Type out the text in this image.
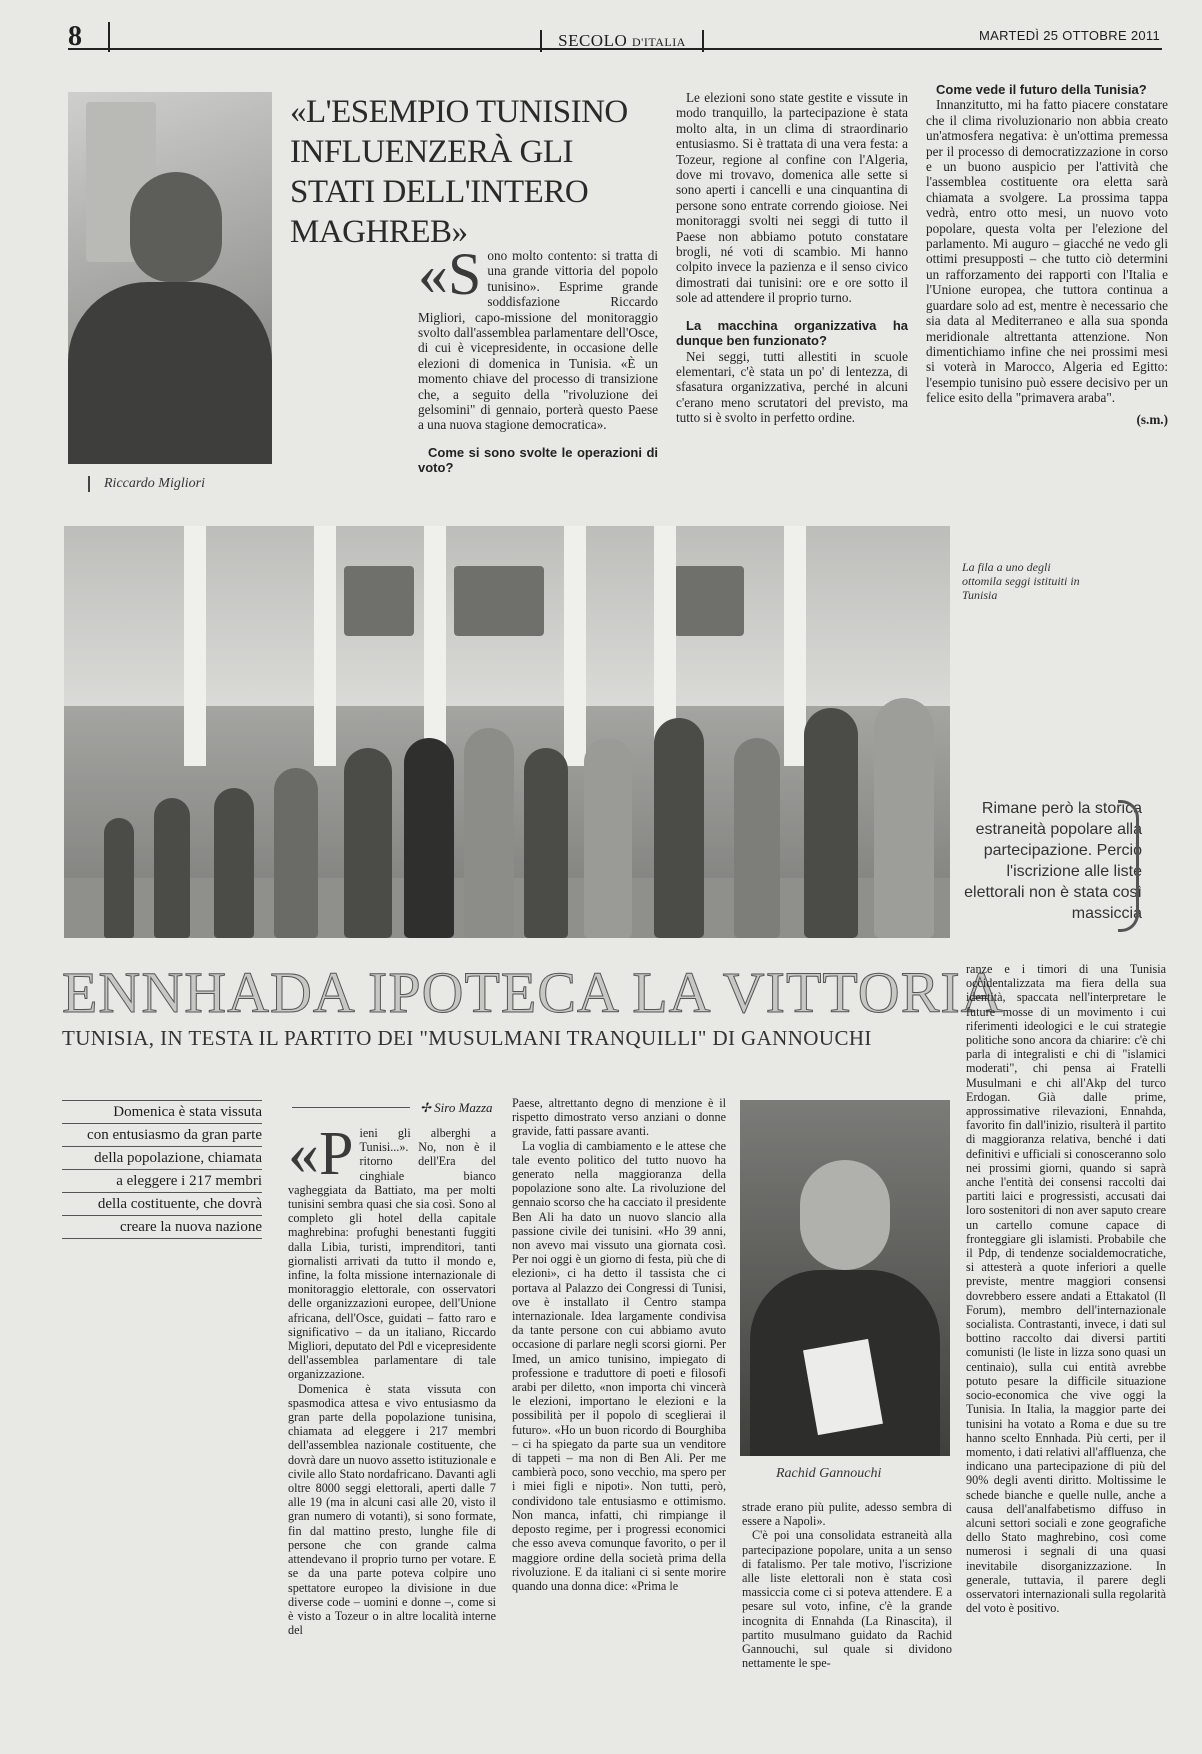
8	SECOLO D'ITALIA	MARTEDÌ 25 OTTOBRE 2011
Riccardo Migliori
«L'ESEMPIO TUNISINO INFLUENZERÀ GLI STATI DELL'INTERO MAGHREB»
«S ono molto contento: si tratta di una grande vittoria del popolo tunisino». Esprime grande soddisfazione Riccardo Migliori, capo-missione del monitoraggio svolto dall'assemblea parlamentare dell'Osce, di cui è vicepresidente, in occasione delle elezioni di domenica in Tunisia. «È un momento chiave del processo di transizione che, a seguito della "rivoluzione dei gelsomini" di gennaio, porterà questo Paese a una nuova stagione democratica».

Come si sono svolte le operazioni di voto?

Le elezioni sono state gestite e vissute in modo tranquillo, la partecipazione è stata molto alta, in un clima di straordinario entusiasmo. Si è trattata di una vera festa: a Tozeur, regione al confine con l'Algeria, dove mi trovavo, domenica alle sette si sono aperti i cancelli e una cinquantina di persone sono entrate correndo gioiose. Nei monitoraggi svolti nei seggi di tutto il Paese non abbiamo potuto constatare brogli, né voti di scambio. Mi hanno colpito invece la pazienza e il senso civico dimostrati dai tunisini: ore e ore sotto il sole ad attendere il proprio turno.

La macchina organizzativa ha dunque ben funzionato?

Nei seggi, tutti allestiti in scuole elementari, c'è stata un po' di lentezza, di sfasatura organizzativa, perché in alcuni c'erano meno scrutatori del previsto, ma tutto si è svolto in perfetto ordine.

Come vede il futuro della Tunisia?

Innanzitutto, mi ha fatto piacere constatare che il clima rivoluzionario non abbia creato un'atmosfera negativa: è un'ottima premessa per il processo di democratizzazione in corso e un buono auspicio per l'attività che l'assemblea costituente ora eletta sarà chiamata a svolgere. La prossima tappa vedrà, entro otto mesi, un nuovo voto popolare, questa volta per l'elezione del parlamento. Mi auguro – giacché ne vedo gli ottimi presupposti – che tutto ciò determini un rafforzamento dei rapporti con l'Italia e l'Unione europea, che tuttora continua a guardare solo ad est, mentre è necessario che sia data al Mediterraneo e alla sua sponda meridionale altrettanta attenzione. Non dimentichiamo infine che nei prossimi mesi si voterà in Marocco, Algeria ed Egitto: l'esempio tunisino può essere decisivo per un felice esito della "primavera araba".

(s.m.)

La fila a uno degli ottomila seggi istituiti in Tunisia
Rimane però la storica estraneità popolare alla partecipazione. Perciò l'iscrizione alle liste elettorali non è stata così massiccia
ENNHADA IPOTECA LA VITTORIA
TUNISIA, IN TESTA IL PARTITO DEI "MUSULMANI TRANQUILLI" DI GANNOUCHI
Domenica è stata vissuta
con entusiasmo da gran parte
della popolazione, chiamata
a eleggere i 217 membri
della costituente, che dovrà
creare la nuova nazione
✢ Siro Mazza
«P ieni gli alberghi a Tunisi...». No, non è il ritorno dell'Era del cinghiale bianco vagheggiata da Battiato, ma per molti tunisini sembra quasi che sia così. Sono al completo gli hotel della capitale maghrebina: profughi benestanti fuggiti dalla Libia, turisti, imprenditori, tanti giornalisti arrivati da tutto il mondo e, infine, la folta missione internazionale di monitoraggio elettorale, con osservatori delle organizzazioni europee, dell'Unione africana, dell'Osce, guidati – fatto raro e significativo – da un italiano, Riccardo Migliori, deputato del Pdl e vicepresidente dell'assemblea parlamentare di tale organizzazione.

Domenica è stata vissuta con spasmodica attesa e vivo entusiasmo da gran parte della popolazione tunisina, chiamata ad eleggere i 217 membri dell'assemblea nazionale costituente, che dovrà dare un nuovo assetto istituzionale e civile allo Stato nordafricano. Davanti agli oltre 8000 seggi elettorali, aperti dalle 7 alle 19 (ma in alcuni casi alle 20, visto il gran numero di votanti), si sono formate, fin dal mattino presto, lunghe file di persone che con grande calma attendevano il proprio turno per votare. E se da una parte poteva colpire uno spettatore europeo la divisione in due diverse code – uomini e donne –, come si è visto a Tozeur o in altre località interne del

Paese, altrettanto degno di menzione è il rispetto dimostrato verso anziani o donne gravide, fatti passare avanti.

La voglia di cambiamento e le attese che tale evento politico del tutto nuovo ha generato nella maggioranza della popolazione sono alte. La rivoluzione del gennaio scorso che ha cacciato il presidente Ben Ali ha dato un nuovo slancio alla passione civile dei tunisini. «Ho 39 anni, non avevo mai vissuto una giornata così. Per noi oggi è un giorno di festa, più che di elezioni», ci ha detto il tassista che ci portava al Palazzo dei Congressi di Tunisi, ove è installato il Centro stampa internazionale. Idea largamente condivisa da tante persone con cui abbiamo avuto occasione di parlare negli scorsi giorni. Per Imed, un amico tunisino, impiegato di professione e traduttore di poeti e filosofi arabi per diletto, «non importa chi vincerà le elezioni, importano le elezioni e la possibilità per il popolo di sceglierai il futuro». «Ho un buon ricordo di Bourghiba – ci ha spiegato da parte sua un venditore di tappeti – ma non di Ben Ali. Per me cambierà poco, sono vecchio, ma spero per i miei figli e nipoti». Non tutti, però, condividono tale entusiasmo e ottimismo. Non manca, infatti, chi rimpiange il deposto regime, per i progressi economici che esso aveva comunque favorito, o per il maggiore ordine della società prima della rivoluzione. E da italiani ci si sente morire quando una donna dice: «Prima le

Rachid Gannouchi

strade erano più pulite, adesso sembra di essere a Napoli».

C'è poi una consolidata estraneità alla partecipazione popolare, unita a un senso di fatalismo. Per tale motivo, l'iscrizione alle liste elettorali non è stata così massiccia come ci si poteva attendere. E a pesare sul voto, infine, c'è la grande incognita di Ennahda (La Rinascita), il partito musulmano guidato da Rachid Gannouchi, sul quale si dividono nettamente le spe-

ranze e i timori di una Tunisia occidentalizzata ma fiera della sua identità, spaccata nell'interpretare le future mosse di un movimento i cui riferimenti ideologici e le cui strategie politiche sono ancora da chiarire: c'è chi parla di integralisti e chi di "islamici moderati", chi pensa ai Fratelli Musulmani e chi all'Akp del turco Erdogan. Già dalle prime, approssimative rilevazioni, Ennahda, favorito fin dall'inizio, risulterà il partito di maggioranza relativa, benché i dati definitivi e ufficiali si conosceranno solo nei prossimi giorni, quando si saprà anche l'entità dei consensi raccolti dai partiti laici e progressisti, accusati dai loro sostenitori di non aver saputo creare un cartello comune capace di fronteggiare gli islamisti. Probabile che il Pdp, di tendenze socialdemocratiche, si attesterà a quote inferiori a quelle previste, mentre maggiori consensi dovrebbero essere andati a Ettakatol (Il Forum), membro dell'internazionale socialista. Contrastanti, invece, i dati sul bottino raccolto dai diversi partiti comunisti (le liste in lizza sono quasi un centinaio), sulla cui entità avrebbe potuto pesare la difficile situazione socio-economica che vive oggi la Tunisia. In Italia, la maggior parte dei tunisini ha votato a Roma e due su tre hanno scelto Ennhada. Più certi, per il momento, i dati relativi all'affluenza, che indicano una partecipazione di più del 90% degli aventi diritto. Moltissime le schede bianche e quelle nulle, anche a causa dell'analfabetismo diffuso in alcuni settori sociali e zone geografiche dello Stato maghrebino, così come numerosi i segnali di una quasi inevitabile disorganizzazione. In generale, tuttavia, il parere degli osservatori internazionali sulla regolarità del voto è positivo.
